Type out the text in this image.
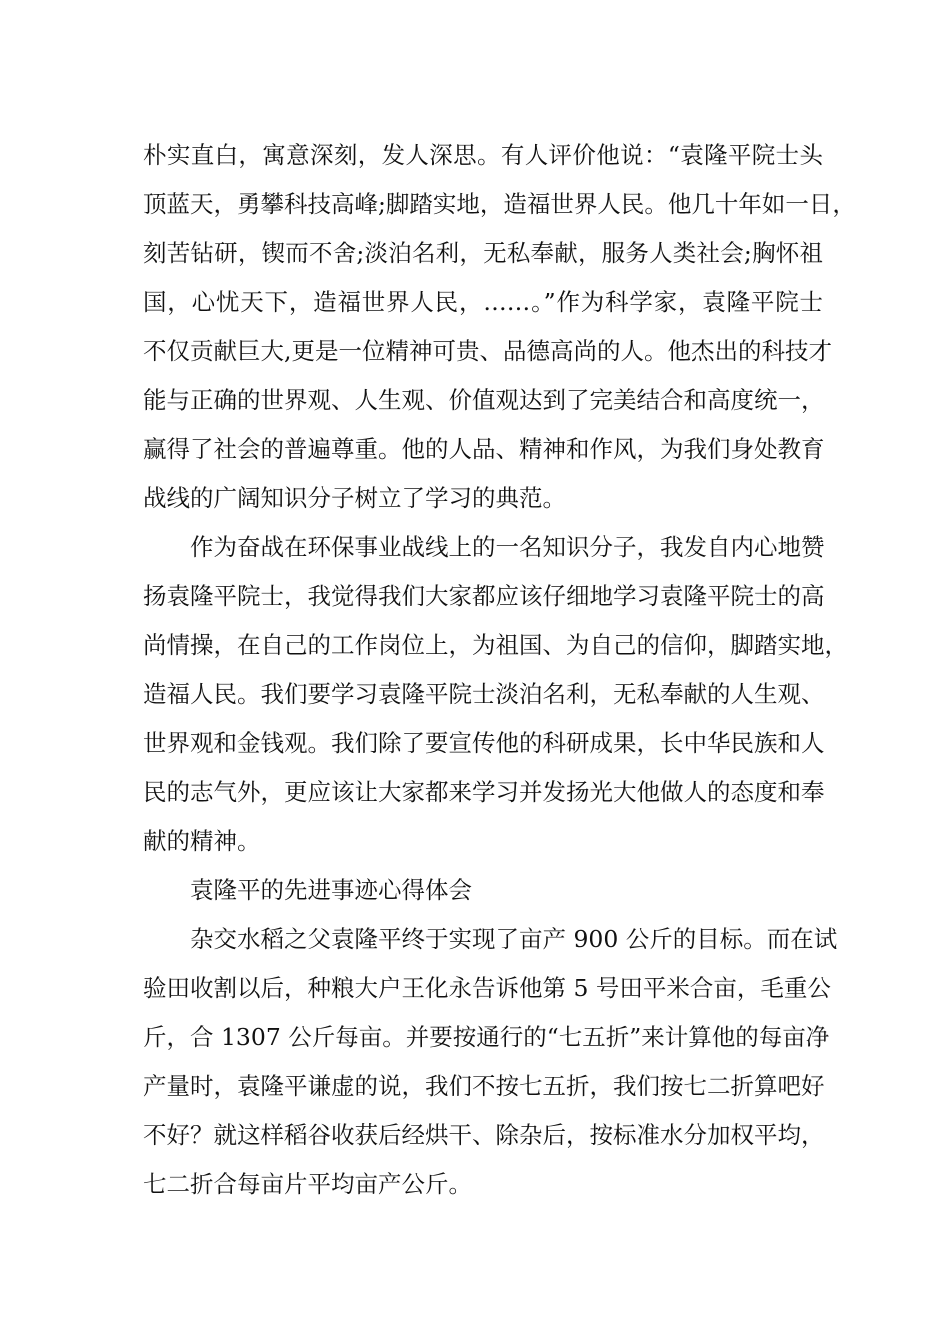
朴实直白，寓意深刻，发人深思。有人评价他说：“袁隆平院士头
顶蓝天，勇攀科技高峰;脚踏实地，造福世界人民。他几十年如一日，
刻苦钻研，锲而不舍;淡泊名利，无私奉献，服务人类社会;胸怀祖
国，心忧天下，造福世界人民，……。”作为科学家，袁隆平院士
不仅贡献巨大,更是一位精神可贵、品德高尚的人。他杰出的科技才
能与正确的世界观、人生观、价值观达到了完美结合和高度统一，
赢得了社会的普遍尊重。他的人品、精神和作风，为我们身处教育
战线的广阔知识分子树立了学习的典范。
作为奋战在环保事业战线上的一名知识分子，我发自内心地赞
扬袁隆平院士，我觉得我们大家都应该仔细地学习袁隆平院士的高
尚情操，在自己的工作岗位上，为祖国、为自己的信仰，脚踏实地，
造福人民。我们要学习袁隆平院士淡泊名利，无私奉献的人生观、
世界观和金钱观。我们除了要宣传他的科研成果，长中华民族和人
民的志气外，更应该让大家都来学习并发扬光大他做人的态度和奉
献的精神。
袁隆平的先进事迹心得体会
杂交水稻之父袁隆平终于实现了亩产 900 公斤的目标。而在试
验田收割以后，种粮大户王化永告诉他第 5 号田平米合亩，毛重公
斤，合 1307 公斤每亩。并要按通行的“七五折”来计算他的每亩净
产量时，袁隆平谦虚的说，我们不按七五折，我们按七二折算吧好
不好？就这样稻谷收获后经烘干、除杂后，按标准水分加权平均，
七二折合每亩片平均亩产公斤。
